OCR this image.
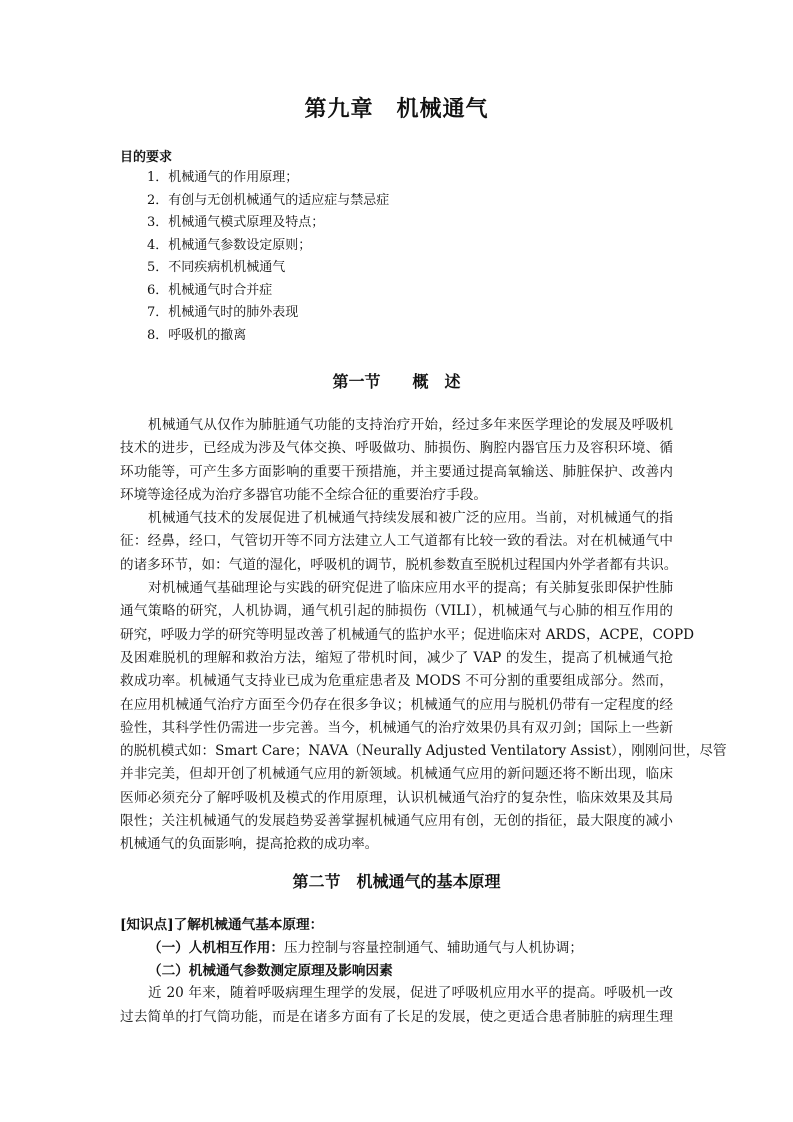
第九章　机械通气
目的要求
1．机械通气的作用原理；
2．有创与无创机械通气的适应症与禁忌症
3．机械通气模式原理及特点；
4．机械通气参数设定原则；
5．不同疾病机机械通气
6．机械通气时合并症
7．机械通气时的肺外表现
8．呼吸机的撤离
第一节　　概　述
机械通气从仅作为肺脏通气功能的支持治疗开始，经过多年来医学理论的发展及呼吸机
技术的进步，已经成为涉及气体交换、呼吸做功、肺损伤、胸腔内器官压力及容积环境、循
环功能等，可产生多方面影响的重要干预措施，并主要通过提高氧输送、肺脏保护、改善内
环境等途径成为治疗多器官功能不全综合征的重要治疗手段。
机械通气技术的发展促进了机械通气持续发展和被广泛的应用。当前，对机械通气的指
征：经鼻，经口，气管切开等不同方法建立人工气道都有比较一致的看法。对在机械通气中
的诸多环节，如：气道的湿化，呼吸机的调节，脱机参数直至脱机过程国内外学者都有共识。
对机械通气基础理论与实践的研究促进了临床应用水平的提高；有关肺复张即保护性肺
通气策略的研究，人机协调，通气机引起的肺损伤（VILI），机械通气与心肺的相互作用的
研究，呼吸力学的研究等明显改善了机械通气的监护水平；促进临床对 ARDS，ACPE，COPD
及困难脱机的理解和救治方法，缩短了带机时间，减少了 VAP 的发生，提高了机械通气抢
救成功率。机械通气支持业已成为危重症患者及 MODS 不可分割的重要组成部分。然而，
在应用机械通气治疗方面至今仍存在很多争议；机械通气的应用与脱机仍带有一定程度的经
验性，其科学性仍需进一步完善。当今，机械通气的治疗效果仍具有双刃剑；国际上一些新
的脱机模式如：Smart Care；NAVA（Neurally Adjusted Ventilatory Assist），刚刚问世，尽管
并非完美，但却开创了机械通气应用的新领域。机械通气应用的新问题还将不断出现，临床
医师必须充分了解呼吸机及模式的作用原理，认识机械通气治疗的复杂性，临床效果及其局
限性；关注机械通气的发展趋势妥善掌握机械通气应用有创，无创的指征，最大限度的减小
机械通气的负面影响，提高抢救的成功率。
第二节　机械通气的基本原理
[知识点]了解机械通气基本原理：
（一）人机相互作用：压力控制与容量控制通气、辅助通气与人机协调；
（二）机械通气参数测定原理及影响因素
近 20 年来，随着呼吸病理生理学的发展，促进了呼吸机应用水平的提高。呼吸机一改
过去简单的打气筒功能，而是在诸多方面有了长足的发展，使之更适合患者肺脏的病理生理
